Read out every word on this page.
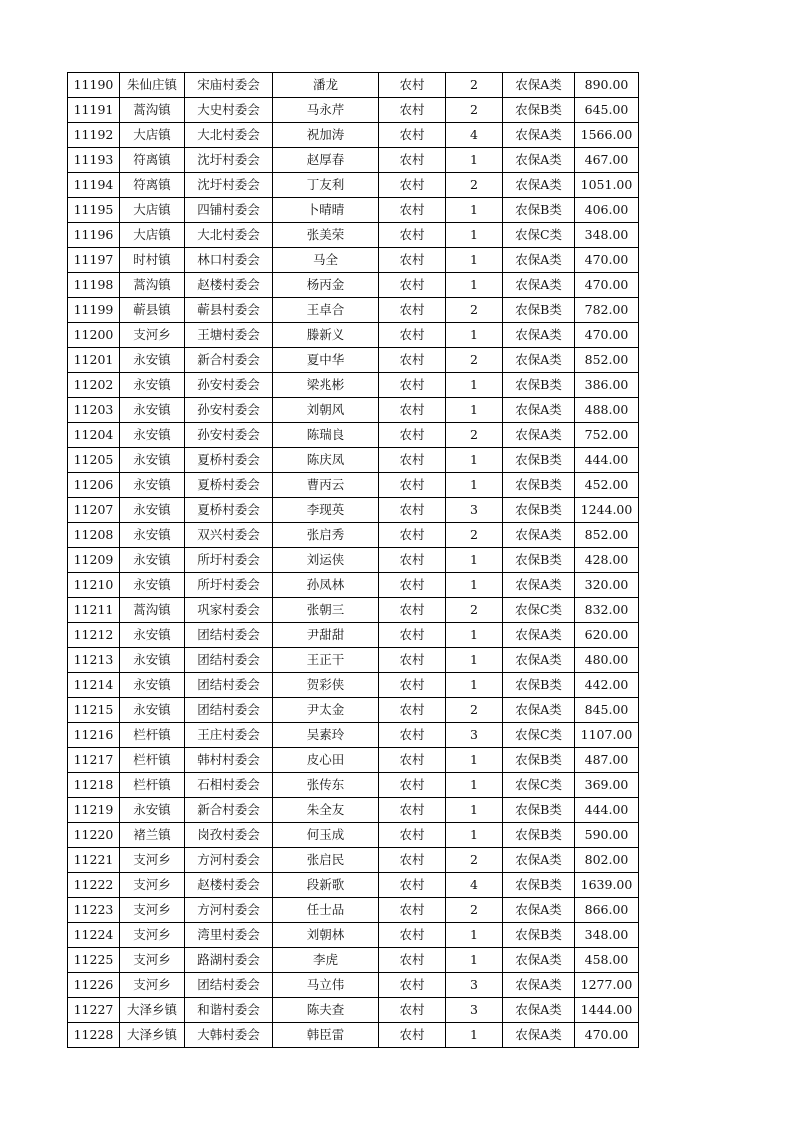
11190	朱仙庄镇	宋庙村委会	潘龙	农村	2	农保A类	890.00
11191	蒿沟镇	大史村委会	马永芹	农村	2	农保B类	645.00
11192	大店镇	大北村委会	祝加涛	农村	4	农保A类	1566.00
11193	符离镇	沈圩村委会	赵厚春	农村	1	农保A类	467.00
11194	符离镇	沈圩村委会	丁友利	农村	2	农保A类	1051.00
11195	大店镇	四铺村委会	卜晴晴	农村	1	农保B类	406.00
11196	大店镇	大北村委会	张美荣	农村	1	农保C类	348.00
11197	时村镇	林口村委会	马全	农村	1	农保A类	470.00
11198	蒿沟镇	赵楼村委会	杨丙金	农村	1	农保A类	470.00
11199	蕲县镇	蕲县村委会	王卓合	农村	2	农保B类	782.00
11200	支河乡	王塘村委会	滕新义	农村	1	农保A类	470.00
11201	永安镇	新合村委会	夏中华	农村	2	农保A类	852.00
11202	永安镇	孙安村委会	梁兆彬	农村	1	农保B类	386.00
11203	永安镇	孙安村委会	刘朝风	农村	1	农保A类	488.00
11204	永安镇	孙安村委会	陈瑞良	农村	2	农保A类	752.00
11205	永安镇	夏桥村委会	陈庆凤	农村	1	农保B类	444.00
11206	永安镇	夏桥村委会	曹丙云	农村	1	农保B类	452.00
11207	永安镇	夏桥村委会	李现英	农村	3	农保B类	1244.00
11208	永安镇	双兴村委会	张启秀	农村	2	农保A类	852.00
11209	永安镇	所圩村委会	刘运侠	农村	1	农保B类	428.00
11210	永安镇	所圩村委会	孙凤林	农村	1	农保A类	320.00
11211	蒿沟镇	巩家村委会	张朝三	农村	2	农保C类	832.00
11212	永安镇	团结村委会	尹甜甜	农村	1	农保A类	620.00
11213	永安镇	团结村委会	王正干	农村	1	农保A类	480.00
11214	永安镇	团结村委会	贺彩侠	农村	1	农保B类	442.00
11215	永安镇	团结村委会	尹太金	农村	2	农保A类	845.00
11216	栏杆镇	王庄村委会	吴素玲	农村	3	农保C类	1107.00
11217	栏杆镇	韩村村委会	皮心田	农村	1	农保B类	487.00
11218	栏杆镇	石相村委会	张传东	农村	1	农保C类	369.00
11219	永安镇	新合村委会	朱全友	农村	1	农保B类	444.00
11220	褚兰镇	岗孜村委会	何玉成	农村	1	农保B类	590.00
11221	支河乡	方河村委会	张启民	农村	2	农保A类	802.00
11222	支河乡	赵楼村委会	段新歌	农村	4	农保B类	1639.00
11223	支河乡	方河村委会	任士品	农村	2	农保A类	866.00
11224	支河乡	湾里村委会	刘朝林	农村	1	农保B类	348.00
11225	支河乡	路湖村委会	李虎	农村	1	农保A类	458.00
11226	支河乡	团结村委会	马立伟	农村	3	农保A类	1277.00
11227	大泽乡镇	和谐村委会	陈夫查	农村	3	农保A类	1444.00
11228	大泽乡镇	大韩村委会	韩臣雷	农村	1	农保A类	470.00
